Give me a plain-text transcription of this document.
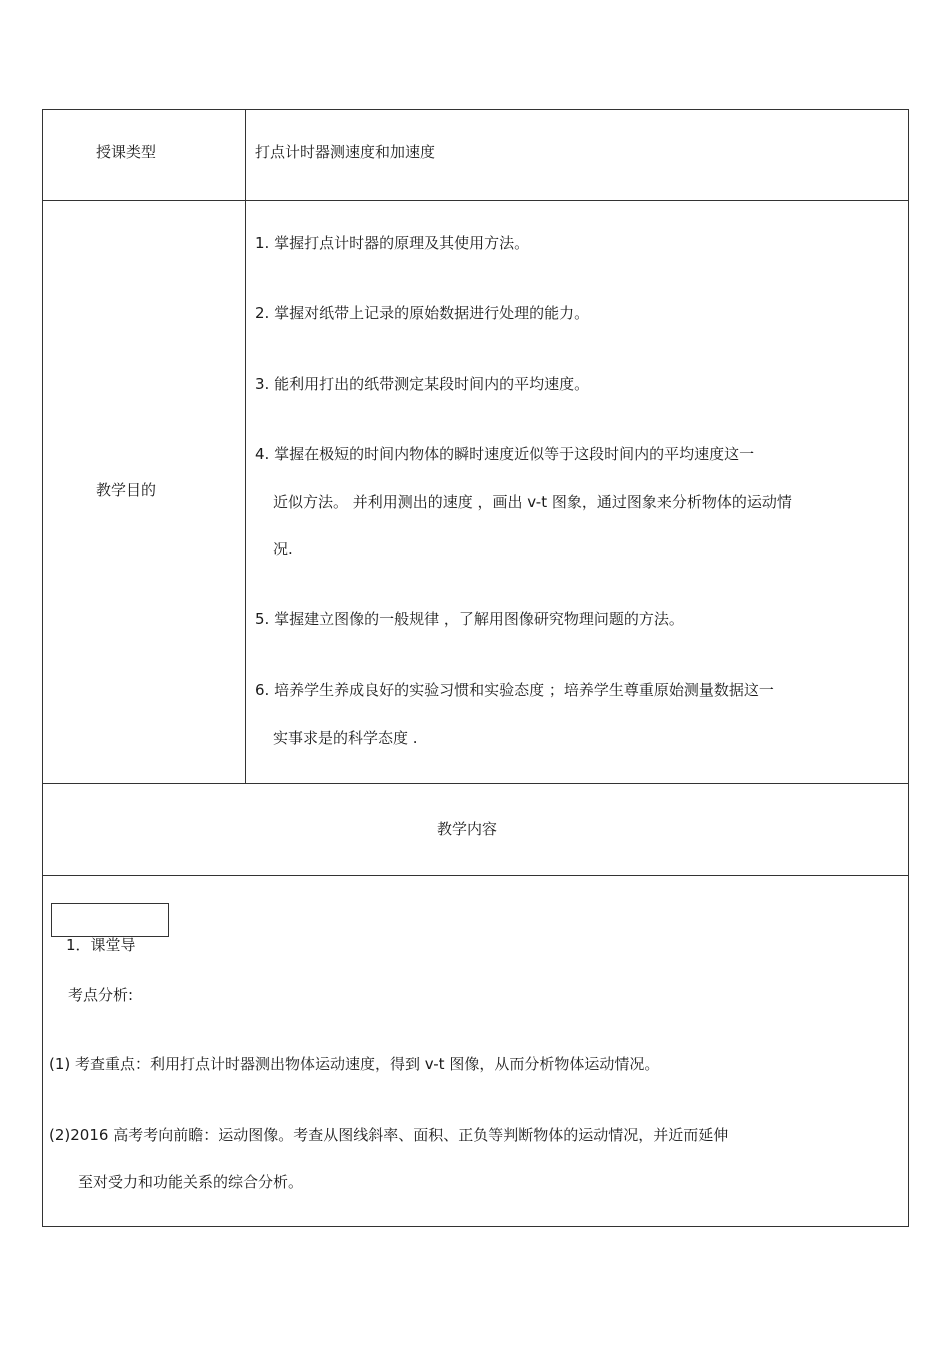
授课类型	打点计时器测速度和加速度
教学目的
1. 掌握打点计时器的原理及其使用方法。
2. 掌握对纸带上记录的原始数据进行处理的能力。
3. 能利用打出的纸带测定某段时间内的平均速度。
4. 掌握在极短的时间内物体的瞬时速度近似等于这段时间内的平均速度这一
近似方法。 并利用测出的速度 ，画出 v-t 图象，通过图象来分析物体的运动情
况.
5. 掌握建立图像的一般规律 ，了解用图像研究物理问题的方法。
6. 培养学生养成良好的实验习惯和实验态度 ；培养学生尊重原始测量数据这一
实事求是的科学态度 .
教学内容
1．课堂导
考点分析:
(1) 考查重点：利用打点计时器测出物体运动速度，得到 v-t 图像，从而分析物体运动情况。
(2)2016 高考考向前瞻：运动图像。考查从图线斜率、面积、正负等判断物体的运动情况，并近而延伸
至对受力和功能关系的综合分析。
